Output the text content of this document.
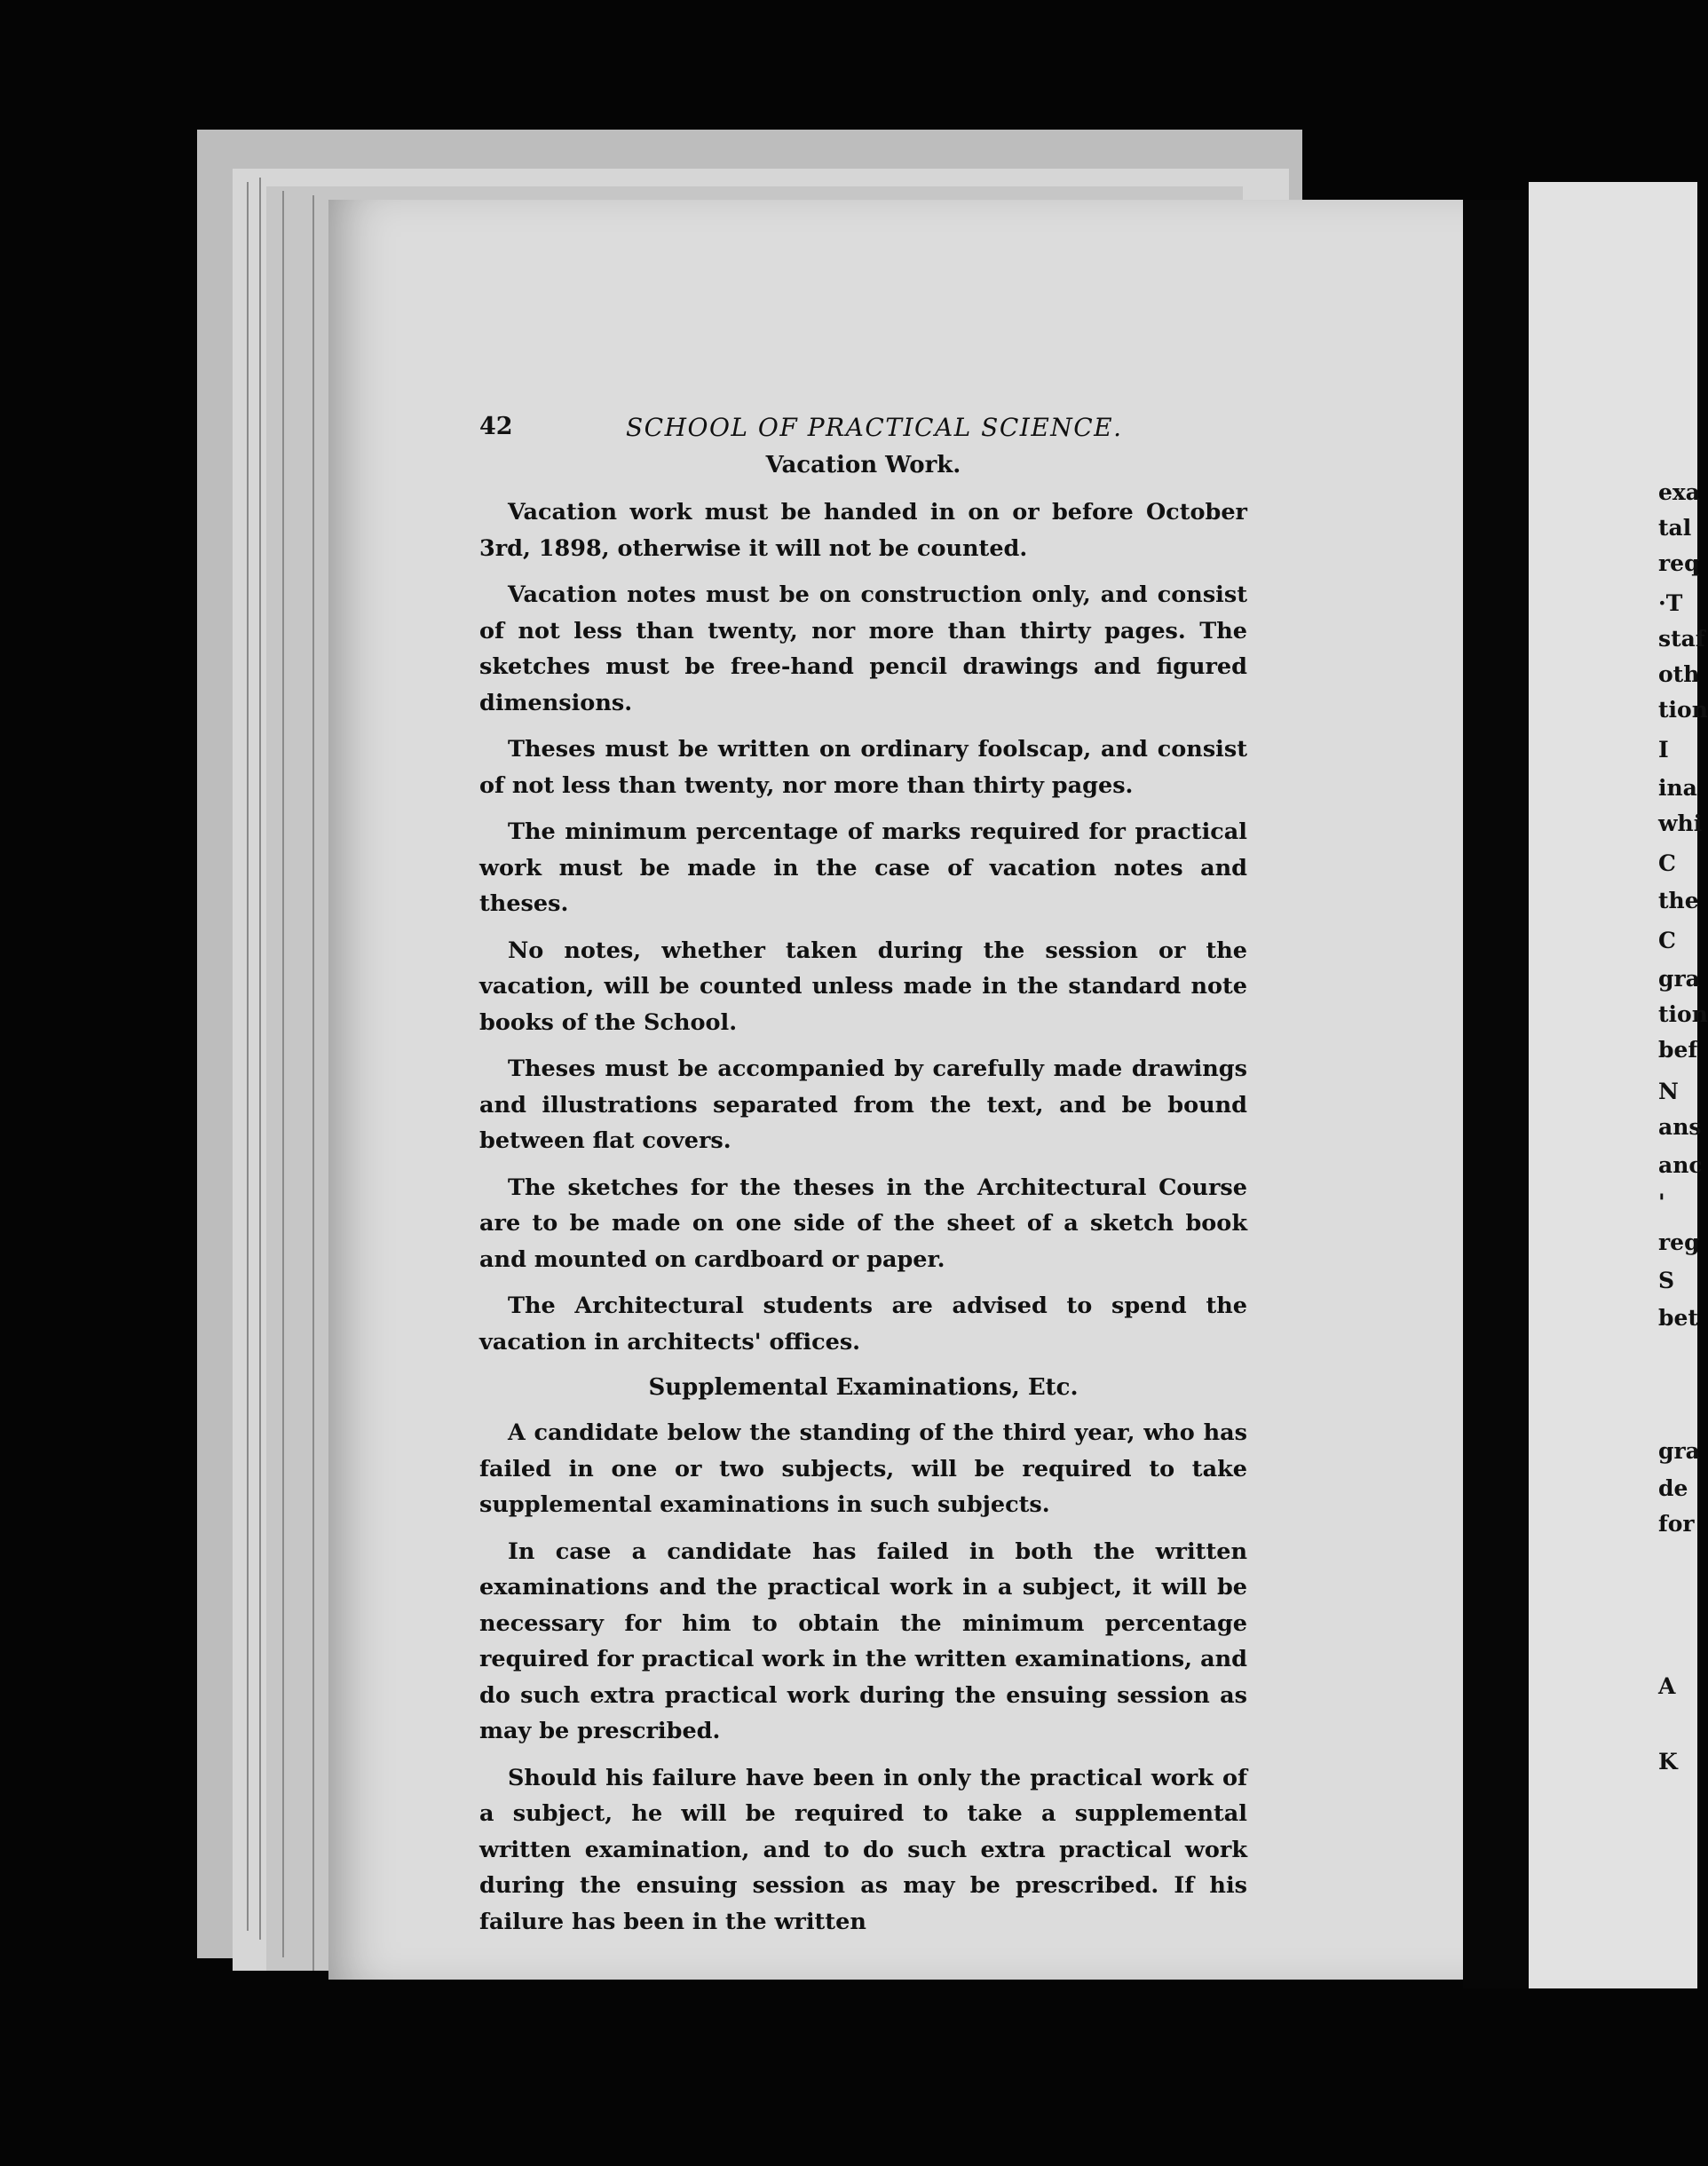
42	SCHOOL OF PRACTICAL SCIENCE.
Vacation Work.

Vacation work must be handed in on or before October 3rd, 1898, otherwise it will not be counted.

Vacation notes must be on construction only, and consist of not less than twenty, nor more than thirty pages. The sketches must be free-hand pencil drawings and figured dimensions.

Theses must be written on ordinary foolscap, and consist of not less than twenty, nor more than thirty pages.

The minimum percentage of marks required for practical work must be made in the case of vacation notes and theses.

No notes, whether taken during the session or the vacation, will be counted unless made in the standard note books of the School.

Theses must be accompanied by carefully made drawings and illustrations separated from the text, and be bound between flat covers.

The sketches for the theses in the Architectural Course are to be made on one side of the sheet of a sketch book and mounted on cardboard or paper.

The Architectural students are advised to spend the vacation in architects' offices.

Supplemental Examinations, Etc.

A candidate below the standing of the third year, who has failed in one or two subjects, will be required to take supplemental examinations in such subjects.

In case a candidate has failed in both the written examinations and the practical work in a subject, it will be necessary for him to obtain the minimum percentage required for practical work in the written examinations, and do such extra practical work during the ensuing session as may be prescribed.

Should his failure have been in only the practical work of a subject, he will be required to take a supplemental written examination, and to do such extra practical work during the ensuing session as may be prescribed. If his failure has been in the written

exa
tal
req
·T
staf
oth
tion
I
ina
whi
C
the
C
gra
tion
bef
N
ans
anc
'
reg
S
bet
gra
de
for
A
K
